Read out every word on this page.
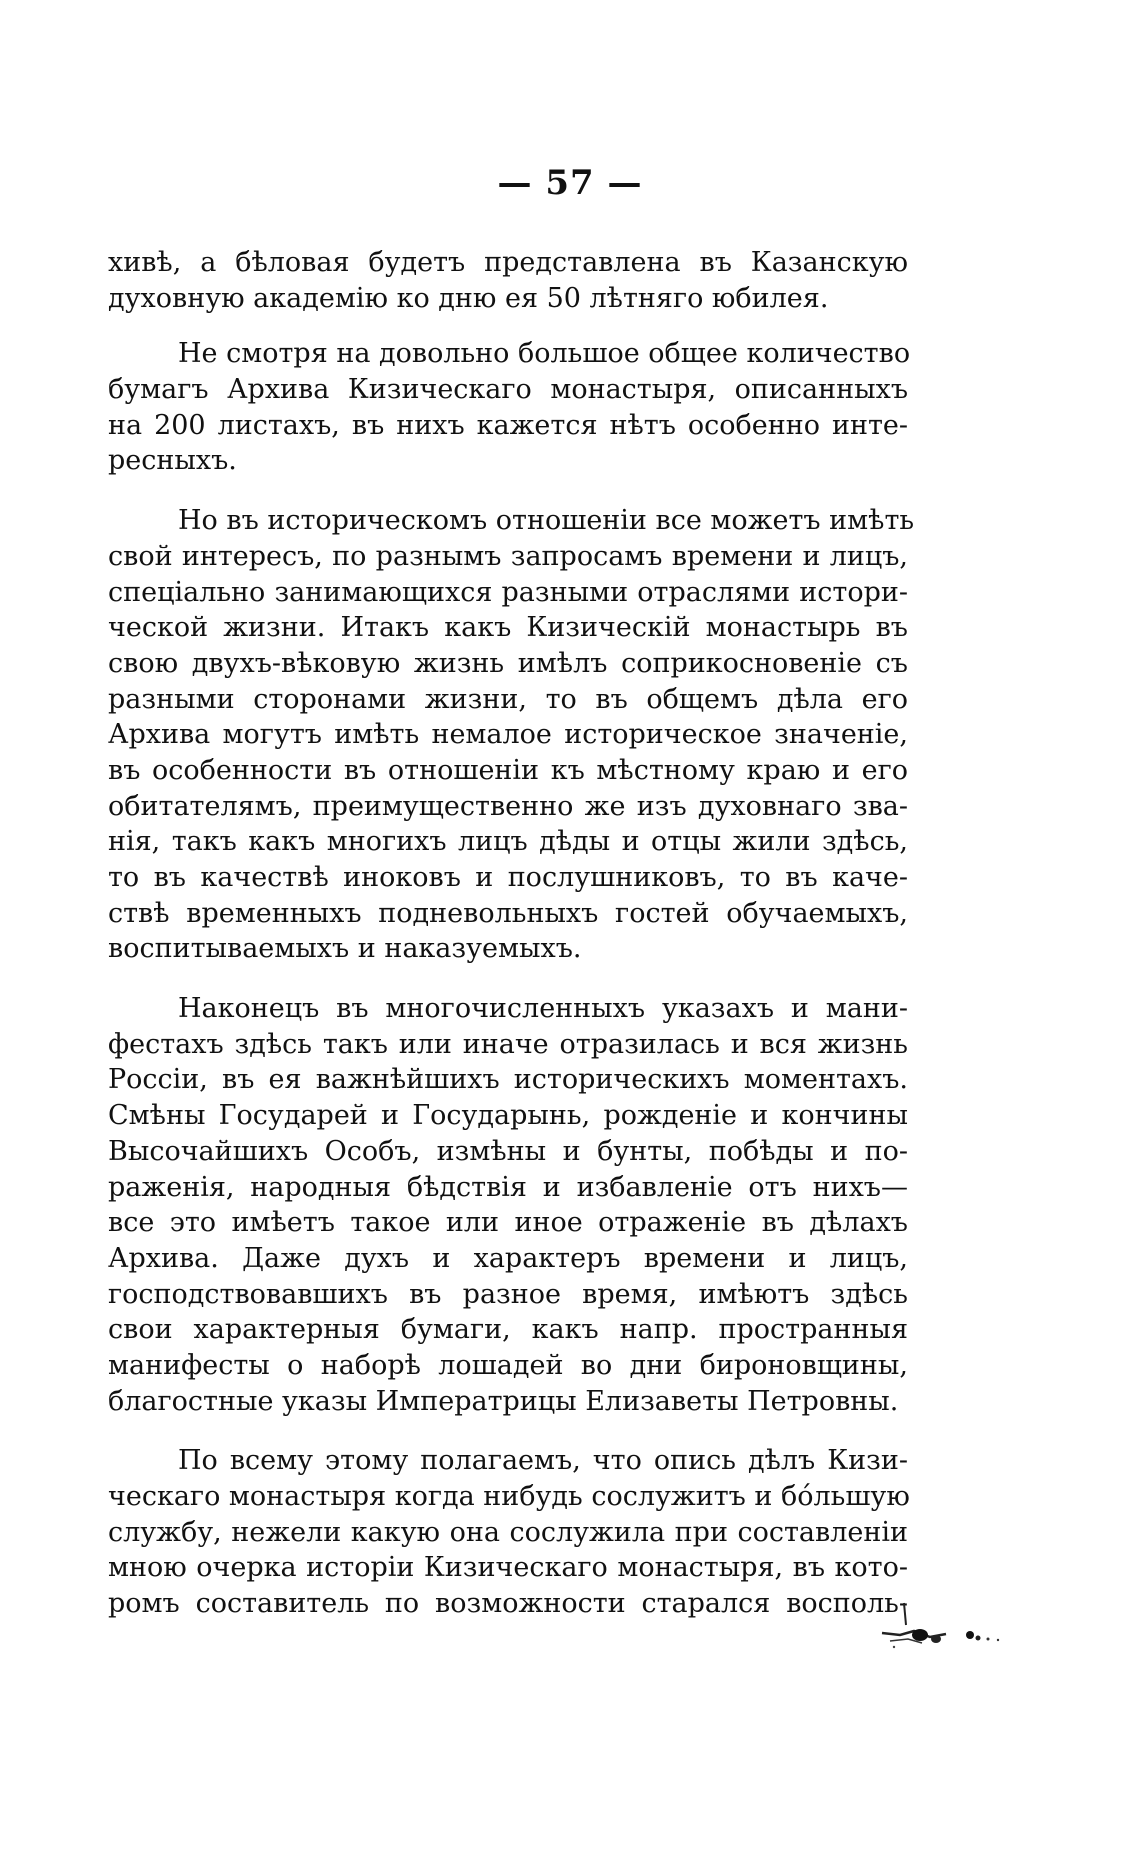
— 57 —
хивѣ, а бѣловая будетъ представлена въ Казанскую
духовную академію ко дню ея 50 лѣтняго юбилея.
Не смотря на довольно большое общее количество
бумагъ Архива Кизическаго монастыря, описанныхъ
на 200 листахъ, въ нихъ кажется нѣтъ особенно инте-
ресныхъ.
Но въ историческомъ отношеніи все можетъ имѣть
свой интересъ, по разнымъ запросамъ времени и лицъ,
спеціально занимающихся разными отраслями истори-
ческой жизни. Итакъ какъ Кизическій монастырь въ
свою двухъ-вѣковую жизнь имѣлъ соприкосновеніе съ
разными сторонами жизни, то въ общемъ дѣла его
Архива могутъ имѣть немалое историческое значеніе,
въ особенности въ отношеніи къ мѣстному краю и его
обитателямъ, преимущественно же изъ духовнаго зва-
нія, такъ какъ многихъ лицъ дѣды и отцы жили здѣсь,
то въ качествѣ иноковъ и послушниковъ, то въ каче-
ствѣ временныхъ подневольныхъ гостей обучаемыхъ,
воспитываемыхъ и наказуемыхъ.
Наконецъ въ многочисленныхъ указахъ и мани-
фестахъ здѣсь такъ или иначе отразилась и вся жизнь
Россіи, въ ея важнѣйшихъ историческихъ моментахъ.
Смѣны Государей и Государынь, рожденіе и кончины
Высочайшихъ Особъ, измѣны и бунты, побѣды и по-
раженія, народныя бѣдствія и избавленіе отъ нихъ—
все это имѣетъ такое или иное отраженіе въ дѣлахъ
Архива. Даже духъ и характеръ времени и лицъ,
господствовавшихъ въ разное время, имѣютъ здѣсь
свои характерныя бумаги, какъ напр. пространныя
манифесты о наборѣ лошадей во дни бироновщины,
благостные указы Императрицы Елизаветы Петровны.
По всему этому полагаемъ, что опись дѣлъ Кизи-
ческаго монастыря когда нибудь сослужитъ и бóльшую
службу, нежели какую она сослужила при составленіи
мною очерка исторіи Кизическаго монастыря, въ кото-
ромъ составитель по возможности старался восполь-
